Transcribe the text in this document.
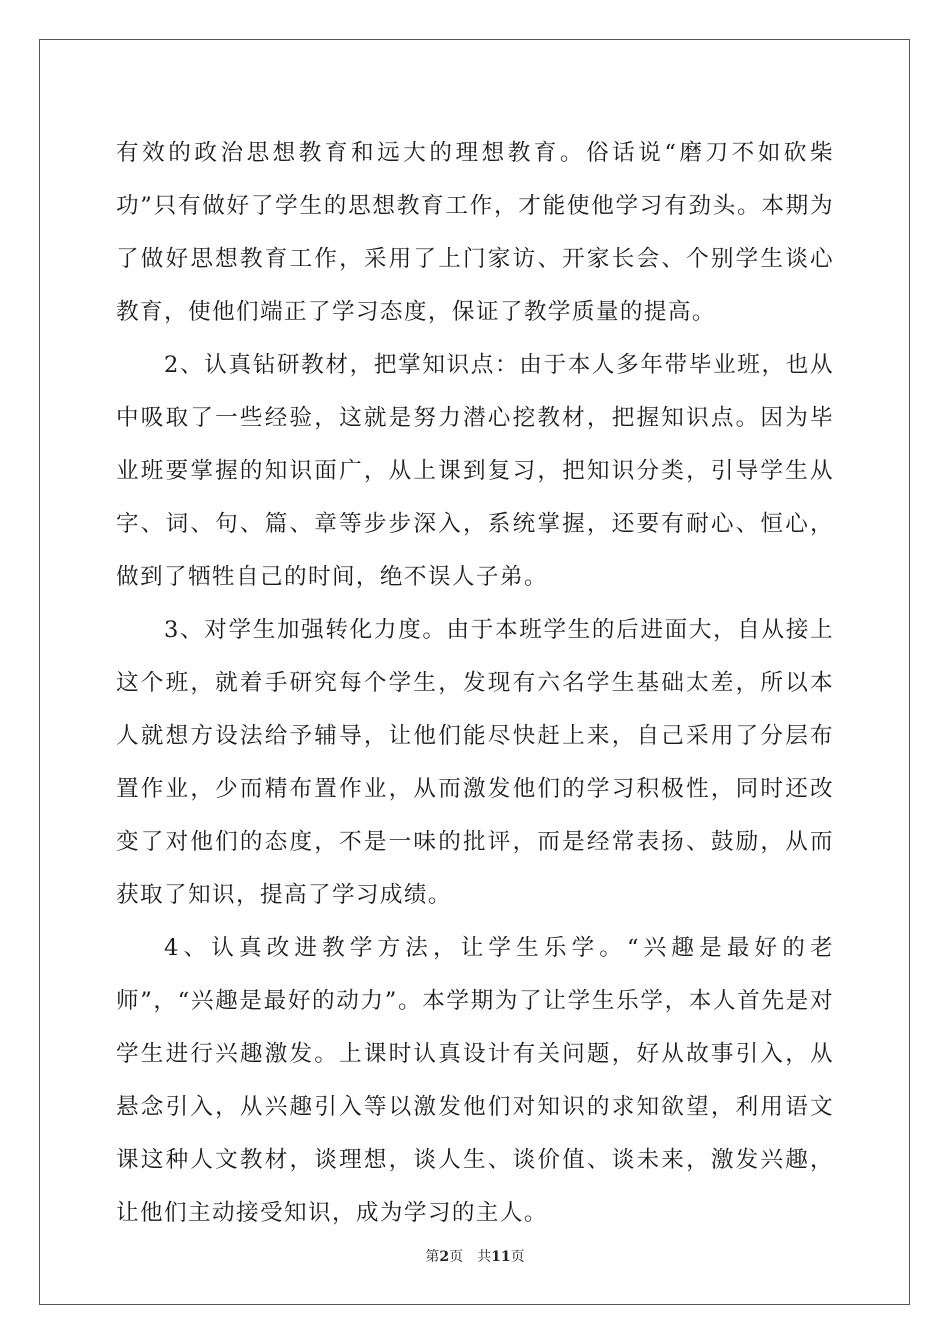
有效的政治思想教育和远大的理想教育。俗话说“磨刀不如砍柴功”只有做好了学生的思想教育工作，才能使他学习有劲头。本期为了做好思想教育工作，采用了上门家访、开家长会、个别学生谈心教育，使他们端正了学习态度，保证了教学质量的提高。

2、认真钻研教材，把掌知识点：由于本人多年带毕业班，也从中吸取了一些经验，这就是努力潜心挖教材，把握知识点。因为毕业班要掌握的知识面广，从上课到复习，把知识分类，引导学生从字、词、句、篇、章等步步深入，系统掌握，还要有耐心、恒心，做到了牺牲自己的时间，绝不误人子弟。

3、对学生加强转化力度。由于本班学生的后进面大，自从接上这个班，就着手研究每个学生，发现有六名学生基础太差，所以本人就想方设法给予辅导，让他们能尽快赶上来，自己采用了分层布置作业，少而精布置作业，从而激发他们的学习积极性，同时还改变了对他们的态度，不是一味的批评，而是经常表扬、鼓励，从而获取了知识，提高了学习成绩。

4、认真改进教学方法，让学生乐学。“兴趣是最好的老师”，“兴趣是最好的动力”。本学期为了让学生乐学，本人首先是对学生进行兴趣激发。上课时认真设计有关问题，好从故事引入，从悬念引入，从兴趣引入等以激发他们对知识的求知欲望，利用语文课这种人文教材，谈理想，谈人生、谈价值、谈未来，激发兴趣，让他们主动接受知识，成为学习的主人。

第2页 共11页
